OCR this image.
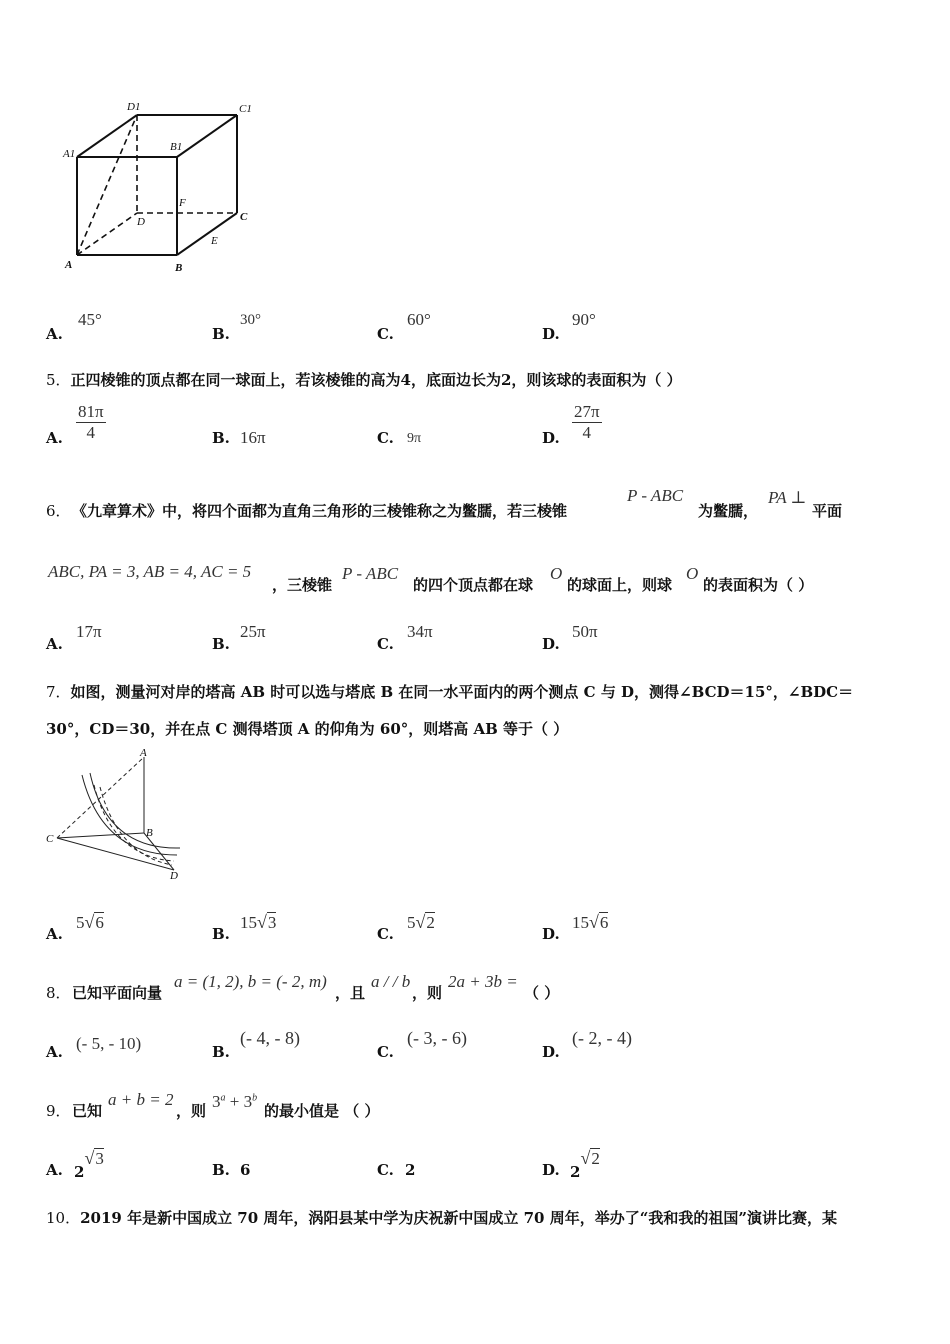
D1	C1
A1
B1
F
D	C
E
A	B
A.
45°
B.
30°
C.
60°
D.
90°
5．正四棱锥的顶点都在同一球面上，若该棱锥的高为4，底面边长为2，则该球的表面积为（ ）
A. $\frac{81\pi}{4}$	B. 16π	C. 9π	D. $\frac{27\pi}{4}$
6． 《九章算术》中，将四个面都为直角三角形的三棱锥称之为鳖臑，若三棱锥
P - ABC
为鳖臑，
PA ⊥
平面
ABC, PA = 3, AB = 4, AC = 5
，三棱锥
P - ABC
的四个顶点都在球
O
的球面上，则球
O
的表面积为（ ）
A.
17π
B.
25π
C.
34π
D.
50π
7．如图，测量河对岸的塔高 AB 时可以选与塔底 B 在同一水平面内的两个测点 C 与 D，测得∠BCD＝15°，∠BDC＝
30°，CD＝30，并在点 C 测得塔顶 A 的仰角为 60°，则塔高 AB 等于（ ）
A
B
C
D
A.
5√6
B.
15√3
C.
5√2
D.
15√6
8． 已知平面向量
a = (1, 2), b = (- 2, m)
，且
a / / b
，则
2a + 3b =
（ ）
A. (- 5, - 10)	B.
(- 4, - 8)
C.
(- 3, - 6)
D.
(- 2, - 4)
9． 已知
a + b = 2
，则 $3^a + 3^b$
的最小值是 （ ）
A. 2√3
B. 6	C. 2	D. 2√2
10．2019 年是新中国成立 70 周年，涡阳县某中学为庆祝新中国成立 70 周年，举办了“我和我的祖国”演讲比赛，某
